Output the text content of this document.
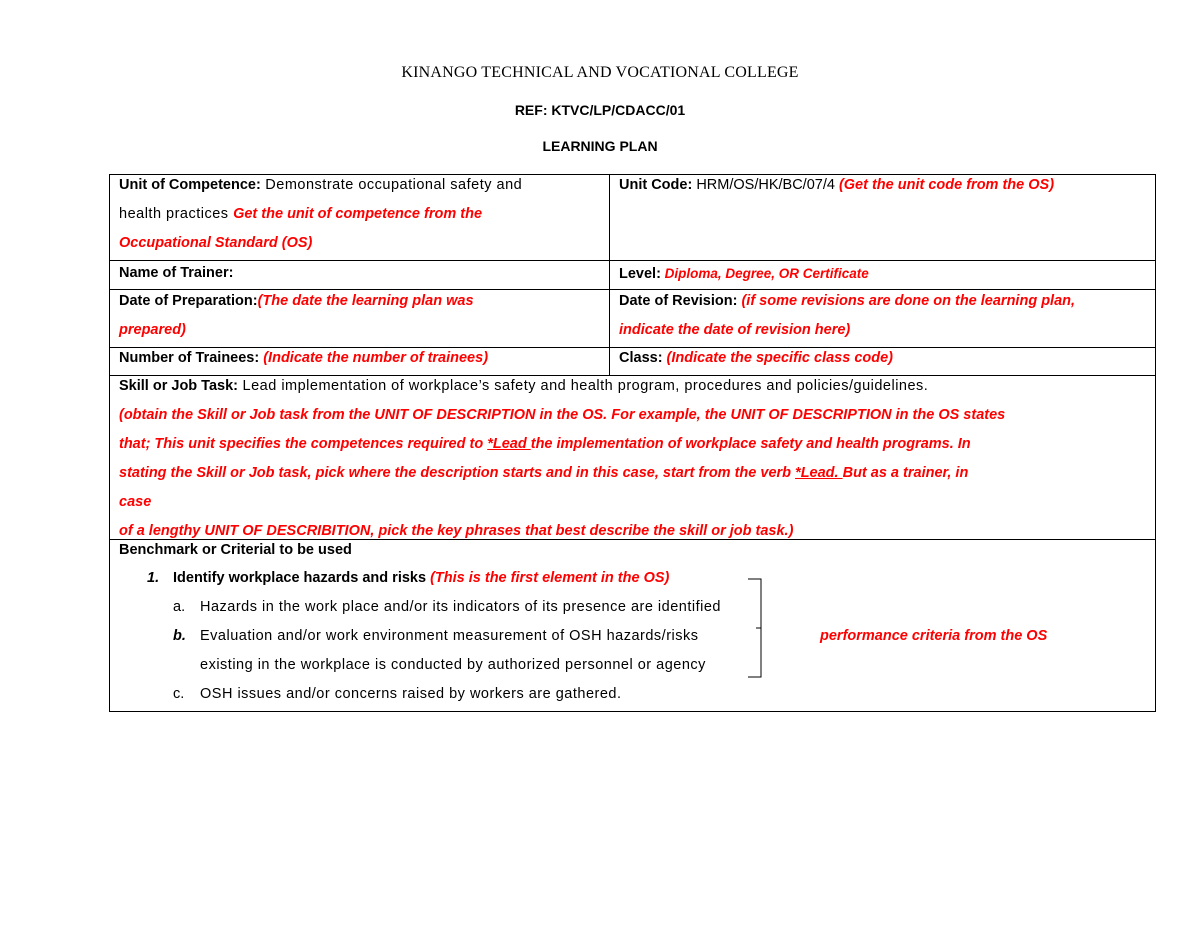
KINANGO TECHNICAL AND VOCATIONAL COLLEGE
REF: KTVC/LP/CDACC/01
LEARNING PLAN
Unit of Competence: Demonstrate occupational safety and
health practices Get the unit of competence from the
Occupational Standard (OS)
Unit Code: HRM/OS/HK/BC/07/4 (Get the unit code from the OS)
Name of Trainer:	Level: Diploma, Degree, OR Certificate
Date of Preparation:(The date the learning plan was
prepared)
Date of Revision: (if some revisions are done on the learning plan,
indicate the date of revision here)
Number of Trainees: (Indicate the number of trainees)	Class: (Indicate the specific class code)
Skill or Job Task: Lead implementation of workplace’s safety and health program, procedures and policies/guidelines.
(obtain the Skill or Job task from the UNIT OF DESCRIPTION in the OS. For example, the UNIT OF DESCRIPTION in the OS states
that; This unit specifies the competences required to *Lead the implementation of workplace safety and health programs. In
stating the Skill or Job task, pick where the description starts and in this case, start from the verb *Lead. But as a trainer, in
case
of a lengthy UNIT OF DESCRIBITION, pick the key phrases that best describe the skill or job task.)
Benchmark or Criterial to be used
1. Identify workplace hazards and risks (This is the first element in the OS)
a. Hazards in the work place and/or its indicators of its presence are identified
b. Evaluation and/or work environment measurement of OSH hazards/risks	performance criteria from the OS
existing in the workplace is conducted by authorized personnel or agency
c. OSH issues and/or concerns raised by workers are gathered.
